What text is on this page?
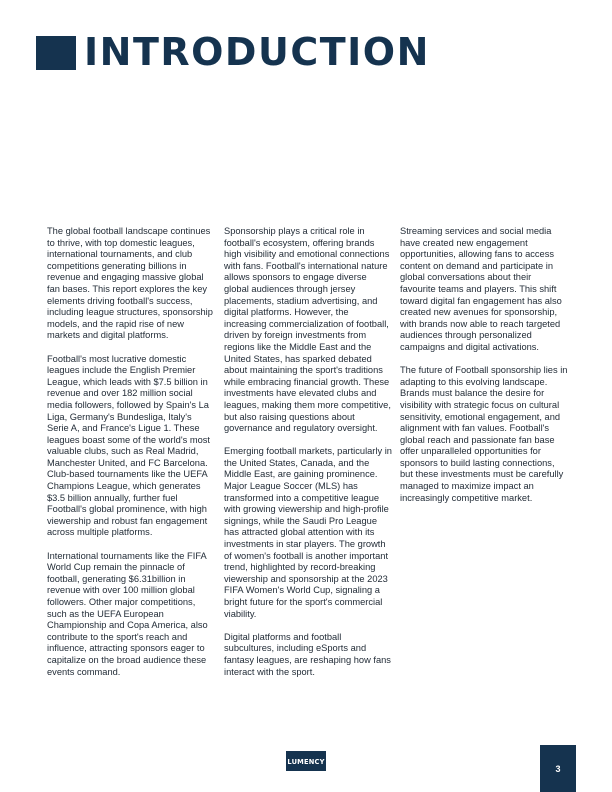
INTRODUCTION

The global football landscape continues to thrive, with top domestic leagues, international tournaments, and club competitions generating billions in revenue and engaging massive global fan bases. This report explores the key elements driving football's success, including league structures, sponsorship models, and the rapid rise of new markets and digital platforms.

Football's most lucrative domestic leagues include the English Premier League, which leads with $7.5 billion in revenue and over 182 million social media followers, followed by Spain's La Liga, Germany's Bundesliga, Italy's Serie A, and France's Ligue 1. These leagues boast some of the world's most valuable clubs, such as Real Madrid, Manchester United, and FC Barcelona. Club-based tournaments like the UEFA Champions League, which generates $3.5 billion annually, further fuel Football's global prominence, with high viewership and robust fan engagement across multiple platforms.

International tournaments like the FIFA World Cup remain the pinnacle of football, generating $6.31billion in revenue with over 100 million global followers. Other major competitions, such as the UEFA European Championship and Copa America, also contribute to the sport's reach and influence, attracting sponsors eager to capitalize on the broad audience these events command.

Sponsorship plays a critical role in football's ecosystem, offering brands high visibility and emotional connections with fans. Football's international nature allows sponsors to engage diverse global audiences through jersey placements, stadium advertising, and digital platforms. However, the increasing commercialization of football, driven by foreign investments from regions like the Middle East and the United States, has sparked debated about maintaining the sport's traditions while embracing financial growth. These investments have elevated clubs and leagues, making them more competitive, but also raising questions about governance and regulatory oversight.

Emerging football markets, particularly in the United States, Canada, and the Middle East, are gaining prominence. Major League Soccer (MLS) has transformed into a competitive league with growing viewership and high-profile signings, while the Saudi Pro League has attracted global attention with its investments in star players. The growth of women's football is another important trend, highlighted by record-breaking viewership and sponsorship at the 2023 FIFA Women's World Cup, signaling a bright future for the sport's commercial viability.

Digital platforms and football subcultures, including eSports and fantasy leagues, are reshaping how fans interact with the sport.

Streaming services and social media have created new engagement opportunities, allowing fans to access content on demand and participate in global conversations about their favourite teams and players. This shift toward digital fan engagement has also created new avenues for sponsorship, with brands now able to reach targeted audiences through personalized campaigns and digital activations.

The future of Football sponsorship lies in adapting to this evolving landscape. Brands must balance the desire for visibility with strategic focus on cultural sensitivity, emotional engagement, and alignment with fan values. Football's global reach and passionate fan base offer unparalleled opportunities for sponsors to build lasting connections, but these investments must be carefully managed to maximize impact an increasingly competitive market.

LUMENCY
3
